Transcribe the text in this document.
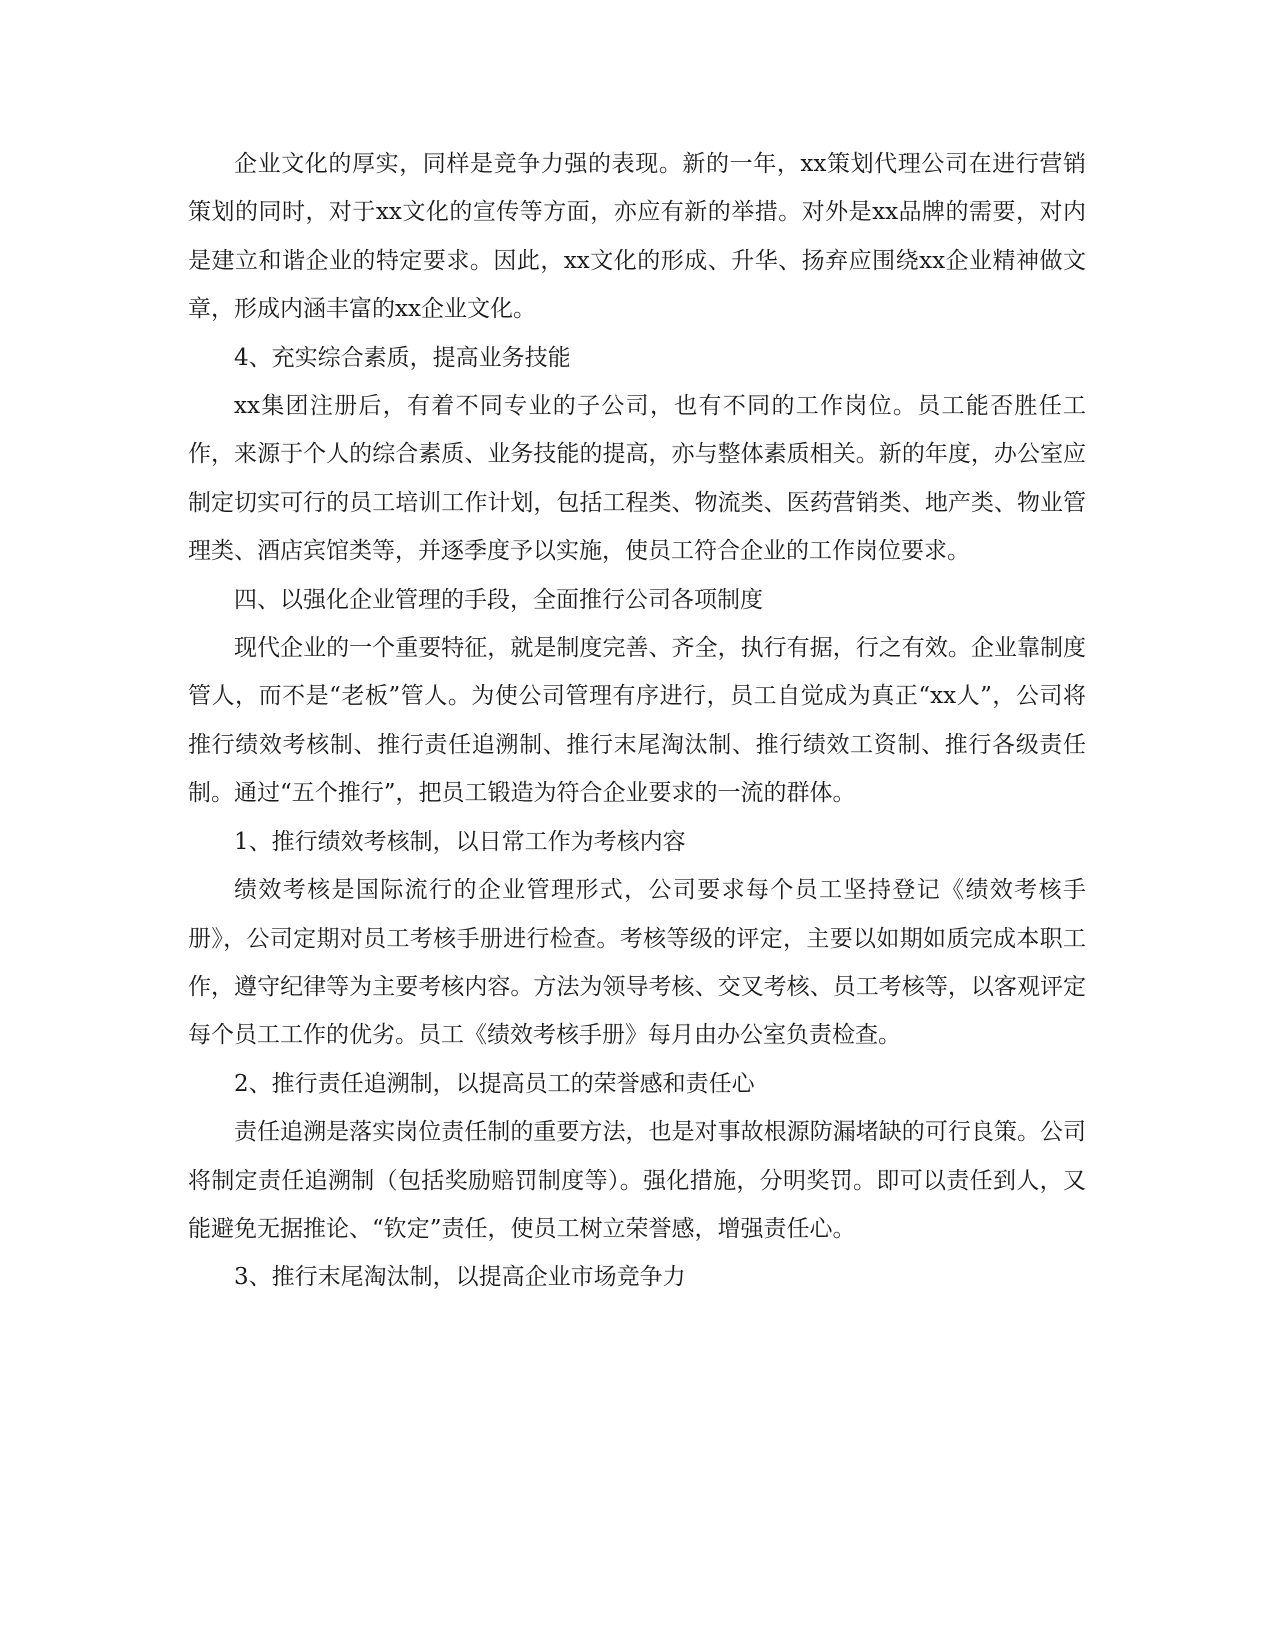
企业文化的厚实，同样是竞争力强的表现。新的一年，xx策划代理公司在进行营销策划的同时，对于xx文化的宣传等方面，亦应有新的举措。对外是xx品牌的需要，对内是建立和谐企业的特定要求。因此，xx文化的形成、升华、扬弃应围绕xx企业精神做文章，形成内涵丰富的xx企业文化。

4、充实综合素质，提高业务技能

xx集团注册后，有着不同专业的子公司，也有不同的工作岗位。员工能否胜任工作，来源于个人的综合素质、业务技能的提高，亦与整体素质相关。新的年度，办公室应制定切实可行的员工培训工作计划，包括工程类、物流类、医药营销类、地产类、物业管理类、酒店宾馆类等，并逐季度予以实施，使员工符合企业的工作岗位要求。

四、以强化企业管理的手段，全面推行公司各项制度

现代企业的一个重要特征，就是制度完善、齐全，执行有据，行之有效。企业靠制度管人，而不是“老板”管人。为使公司管理有序进行，员工自觉成为真正“xx人”，公司将推行绩效考核制、推行责任追溯制、推行末尾淘汰制、推行绩效工资制、推行各级责任制。通过“五个推行”，把员工锻造为符合企业要求的一流的群体。

1、推行绩效考核制，以日常工作为考核内容

绩效考核是国际流行的企业管理形式，公司要求每个员工坚持登记《绩效考核手册》，公司定期对员工考核手册进行检查。考核等级的评定，主要以如期如质完成本职工作，遵守纪律等为主要考核内容。方法为领导考核、交叉考核、员工考核等，以客观评定每个员工工作的优劣。员工《绩效考核手册》每月由办公室负责检查。

2、推行责任追溯制，以提高员工的荣誉感和责任心

责任追溯是落实岗位责任制的重要方法，也是对事故根源防漏堵缺的可行良策。公司将制定责任追溯制（包括奖励赔罚制度等）。强化措施，分明奖罚。即可以责任到人，又能避免无据推论、“钦定”责任，使员工树立荣誉感，增强责任心。

3、推行末尾淘汰制，以提高企业市场竞争力
